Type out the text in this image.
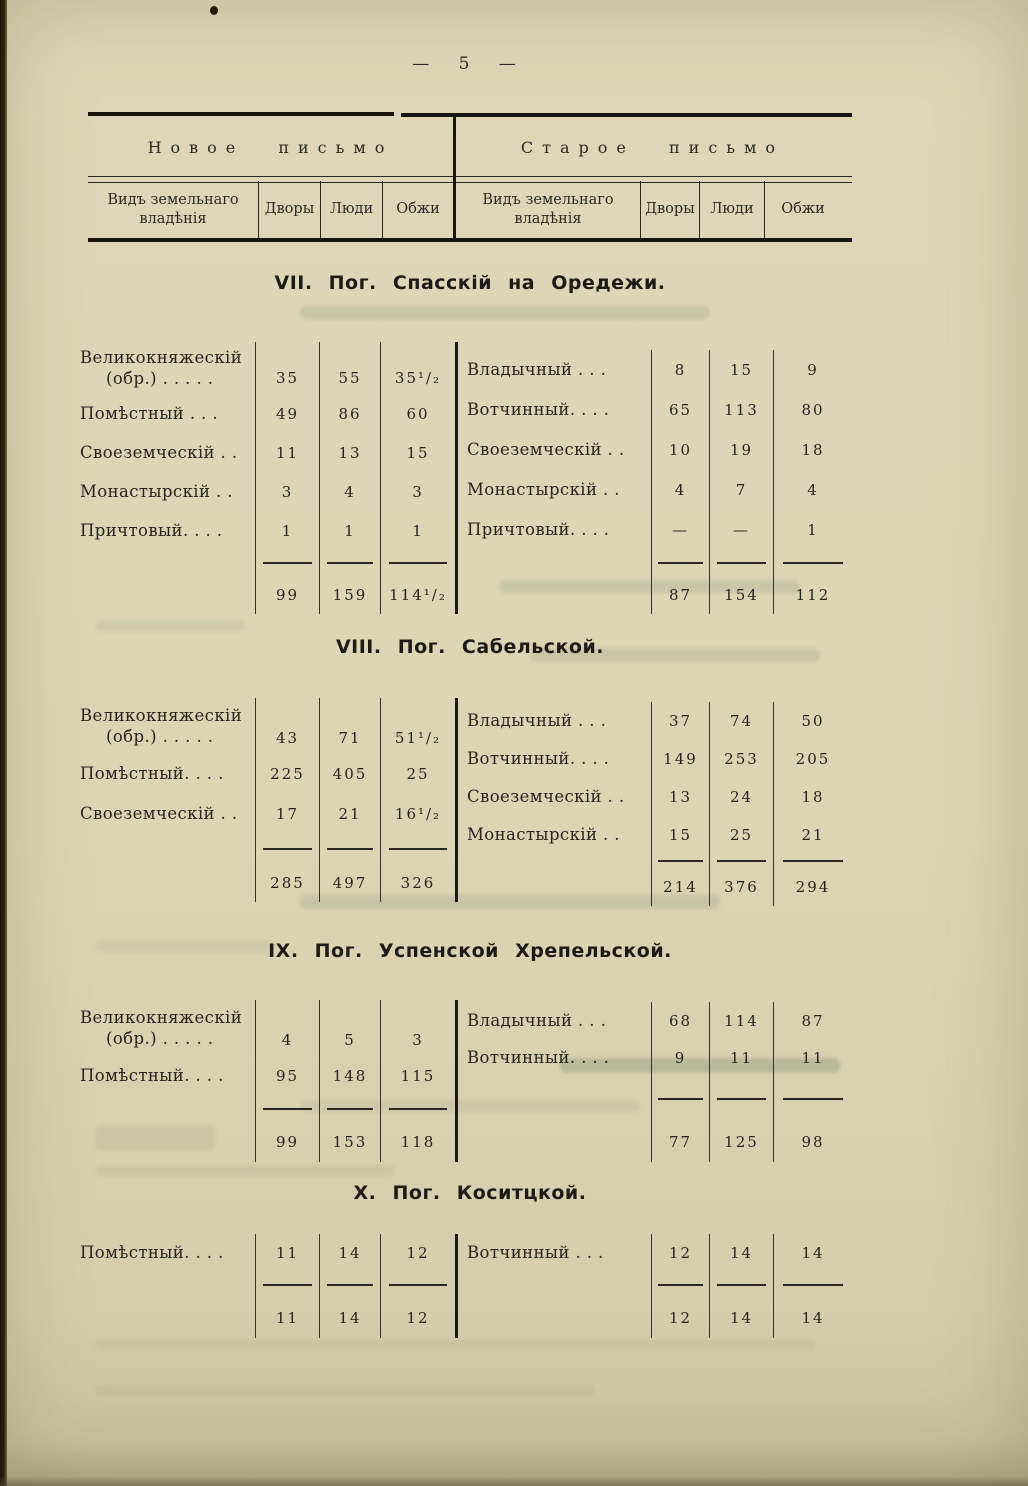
— 5 —
Новое письмо	Старое письмо
Видъ земельнаго
владѣнія
Дворы	Люди	Обжи
Видъ земельнаго
владѣнія
Дворы	Люди	Обжи
VII. Пог. Спасскій на Оредежи.
Великокняжескій
(обр.) . . . . .	35	55	35¹/₂
Помѣстный . . .	49	86	60
Своеземческій . .	11	13	15
Монастырскій . .	3	4	3
Причтовый. . . .	1	1	1
99	159	114¹/₂
Владычный . . .	8	15	9
Вотчинный. . . .	65	113	80
Своеземческій . .	10	19	18
Монастырскій . .	4	7	4
Причтовый. . . .	—	—	1
87	154	112
VIII. Пог. Сабельской.
Великокняжескій
(обр.) . . . . .	43	71	51¹/₂
Помѣстный. . . .	225	405	25
Своеземческій . .	17	21	16¹/₂
285	497	326
Владычный . . .	37	74	50
Вотчинный. . . .	149	253	205
Своеземческій . .	13	24	18
Монастырскій . .	15	25	21
214	376	294
IX. Пог. Успенской Хрепельской.
Великокняжескій
(обр.) . . . . .	4	5	3
Помѣстный. . . .	95	148	115
99	153	118
Владычный . . .	68	114	87
Вотчинный. . . .	9	11	11
77	125	98
X. Пог. Коситцкой.
Помѣстный. . . .	11	14	12
11	14	12
Вотчинный . . .	12	14	14
12	14	14
